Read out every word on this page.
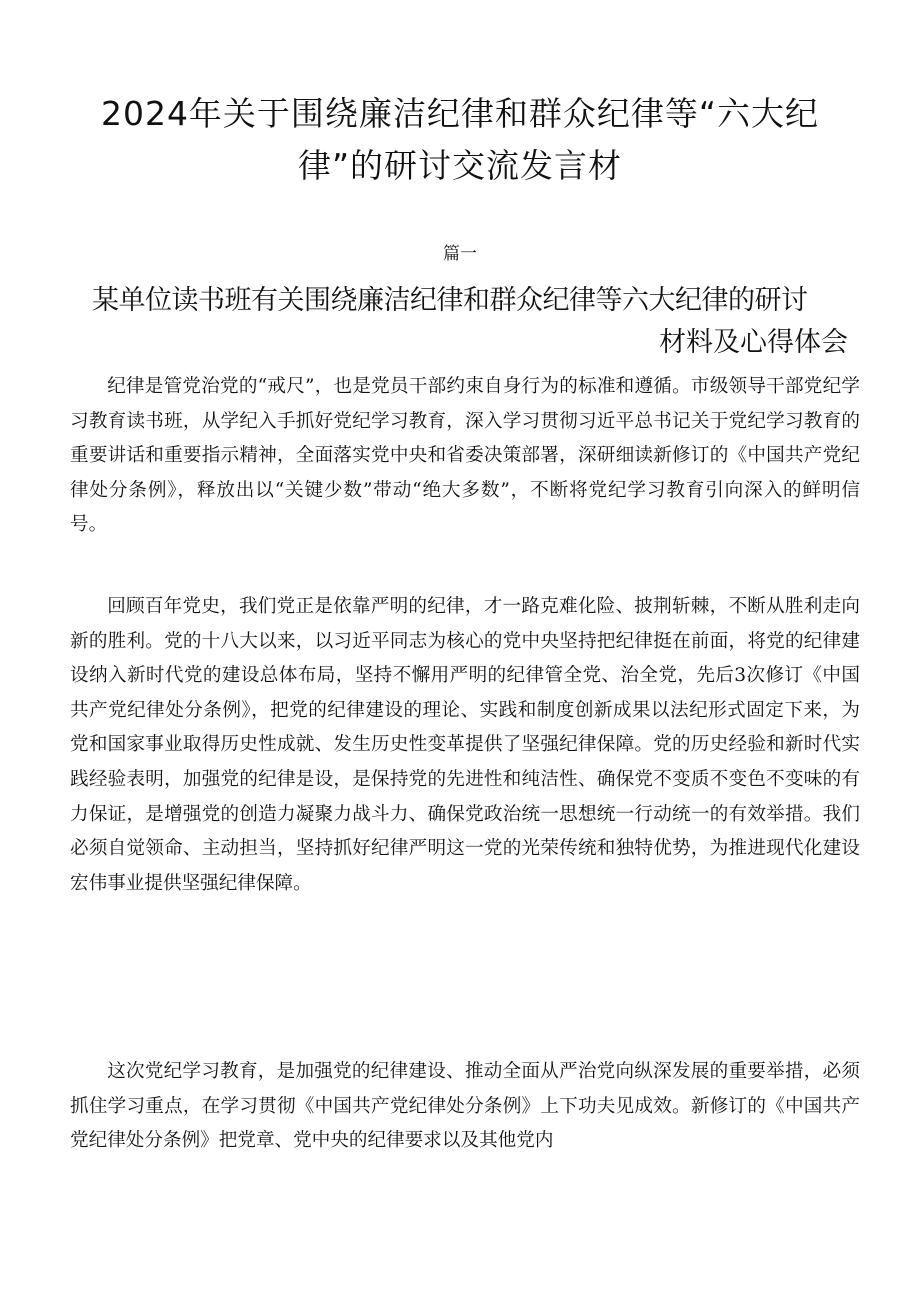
2024年关于围绕廉洁纪律和群众纪律等“六大纪律”的研讨交流发言材
篇一
某单位读书班有关围绕廉洁纪律和群众纪律等六大纪律的研讨
材料及心得体会

纪律是管党治党的“戒尺”，也是党员干部约束自身行为的标准和遵循。市级领导干部党纪学习教育读书班，从学纪入手抓好党纪学习教育，深入学习贯彻习近平总书记关于党纪学习教育的重要讲话和重要指示精神，全面落实党中央和省委决策部署，深研细读新修订的《中国共产党纪律处分条例》，释放出以“关键少数”带动“绝大多数”，不断将党纪学习教育引向深入的鲜明信号。

回顾百年党史，我们党正是依靠严明的纪律，才一路克难化险、披荆斩棘，不断从胜利走向新的胜利。党的十八大以来，以习近平同志为核心的党中央坚持把纪律挺在前面，将党的纪律建设纳入新时代党的建设总体布局，坚持不懈用严明的纪律管全党、治全党，先后3次修订《中国共产党纪律处分条例》，把党的纪律建设的理论、实践和制度创新成果以法纪形式固定下来，为党和国家事业取得历史性成就、发生历史性变革提供了坚强纪律保障。党的历史经验和新时代实践经验表明，加强党的纪律是设，是保持党的先进性和纯洁性、确保党不变质不变色不变味的有力保证，是增强党的创造力凝聚力战斗力、确保党政治统一思想统一行动统一的有效举措。我们必须自觉领命、主动担当，坚持抓好纪律严明这一党的光荣传统和独特优势，为推进现代化建设宏伟事业提供坚强纪律保障。

这次党纪学习教育，是加强党的纪律建设、推动全面从严治党向纵深发展的重要举措，必须抓住学习重点，在学习贯彻《中国共产党纪律处分条例》上下功夫见成效。新修订的《中国共产党纪律处分条例》把党章、党中央的纪律要求以及其他党内
